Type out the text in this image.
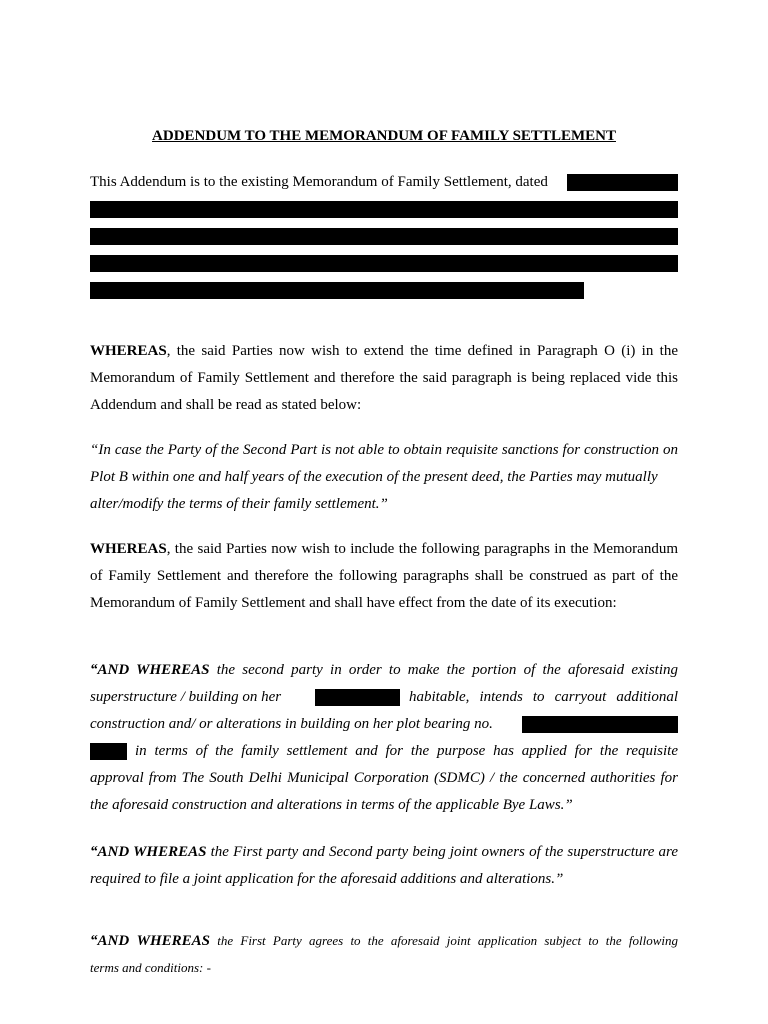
ADDENDUM TO THE MEMORANDUM OF FAMILY SETTLEMENT
This Addendum is to the existing Memorandum of Family Settlement, dated
WHEREAS, the said Parties now wish to extend the time defined in Paragraph O (i) in the
Memorandum of Family Settlement and therefore the said paragraph is being replaced vide this
Addendum and shall be read as stated below:
“In case the Party of the Second Part is not able to obtain requisite sanctions for construction on
Plot B within one and half years of the execution of the present deed, the Parties may mutually
alter/modify the terms of their family settlement.”
WHEREAS, the said Parties now wish to include the following paragraphs in the Memorandum
of Family Settlement and therefore the following paragraphs shall be construed as part of the
Memorandum of Family Settlement and shall have effect from the date of its execution:
“AND WHEREAS the second party in order to make the portion of the aforesaid existing
superstructure / building on her	habitable, intends to carryout additional
construction and/ or alterations in building on her plot bearing no.
in terms of the family settlement and for the purpose has applied for the requisite
approval from The South Delhi Municipal Corporation (SDMC) / the concerned authorities for
the aforesaid construction and alterations in terms of the applicable Bye Laws.”
“AND WHEREAS the First party and Second party being joint owners of the superstructure are
required to file a joint application for the aforesaid additions and alterations.”
“AND WHEREAS the First Party agrees to the aforesaid joint application subject to the following
terms and conditions: -
